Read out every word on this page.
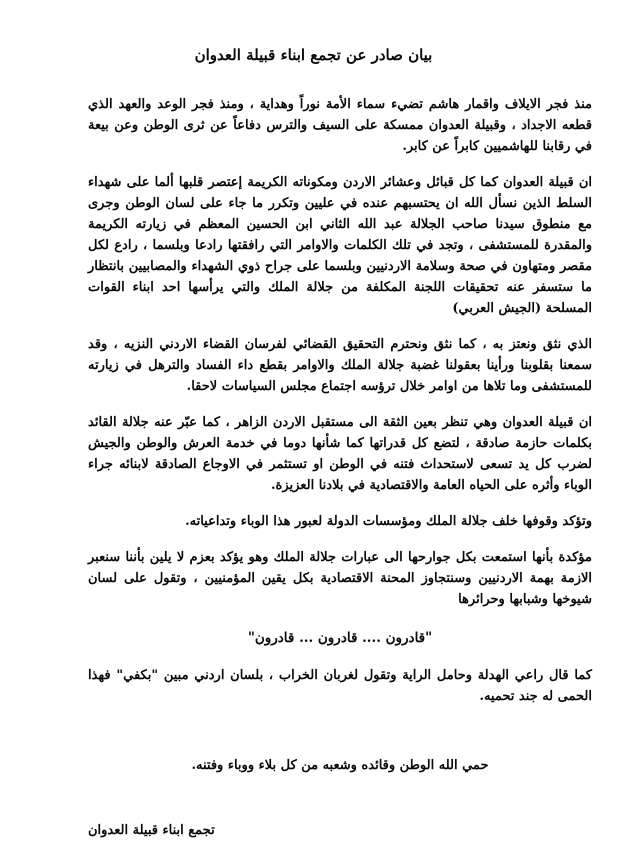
بيان صادر عن تجمع ابناء قبيلة العدوان

منذ فجر الايلاف واقمار هاشم تضيء سماء الأمة نوراً وهداية ، ومنذ فجر الوعد والعهد الذي قطعه الاجداد ، وقبيلة العدوان ممسكة على السيف والترس دفاعاً عن ثرى الوطن وعن بيعة في رقابنا للهاشميين كابراً عن كابر.

ان قبيلة العدوان كما كل قبائل وعشائر الاردن ومكوناته الكريمة إعتصر قلبها ألما على شهداء السلط الذين نسأل الله ان يحتسبهم عنده في عليين وتكرر ما جاء على لسان الوطن وجرى مع منطوق سيدنا صاحب الجلالة عبد الله الثاني ابن الحسين المعظم في زيارته الكريمة والمقدرة للمستشفى ، وتجد في تلك الكلمات والاوامر التي رافقتها رادعا وبلسما ، رادع لكل مقصر ومتهاون في صحة وسلامة الاردنيين وبلسما على جراح ذوي الشهداء والمصابيين بانتظار ما ستسفر عنه تحقيقات اللجنة المكلفة من جلالة الملك والتي يرأسها احد ابناء القوات المسلحة (الجيش العربي)

الذي نثق ونعتز به ، كما نثق ونحترم التحقيق القضائي لفرسان القضاء الاردني النزيه ، وقد سمعنا بقلوبنا ورأينا بعقولنا غضبة جلالة الملك والاوامر بقطع داء الفساد والترهل في زيارته للمستشفى وما تلاها من اوامر خلال ترؤسه اجتماع مجلس السياسات لاحقا.

ان قبيلة العدوان وهي تنظر بعين الثقة الى مستقبل الاردن الزاهر ، كما عبّر عنه جلالة القائد بكلمات حازمة صادقة ، لتضع كل قدراتها كما شأنها دوما في خدمة العرش والوطن والجيش لضرب كل يد تسعى لاستحداث فتنه في الوطن او تستثمر في الاوجاع الصادقة لابنائه جراء الوباء وأثره على الحياه العامة والاقتصادية في بلادنا العزيزة.

وتؤكد وقوفها خلف جلالة الملك ومؤسسات الدولة لعبور هذا الوباء وتداعياته.

مؤكدة بأنها استمعت بكل جوارحها الى عبارات جلالة الملك وهو يؤكد بعزم لا يلين بأننا سنعبر الازمة بهمة الاردنيين وسنتجاوز المحنة الاقتصادية بكل يقين المؤمنيين ، وتقول على لسان شيوخها وشبابها وحرائرها

"قادرون .... قادرون ... قادرون"

كما قال راعي الهدلة وحامل الراية وتقول لغربان الخراب ، بلسان اردني مبين "بكفي" فهذا الحمى له جند تحميه.

حمي الله الوطن وقائده وشعبه من كل بلاء ووباء وفتنه.
تجمع ابناء قبيلة العدوان
